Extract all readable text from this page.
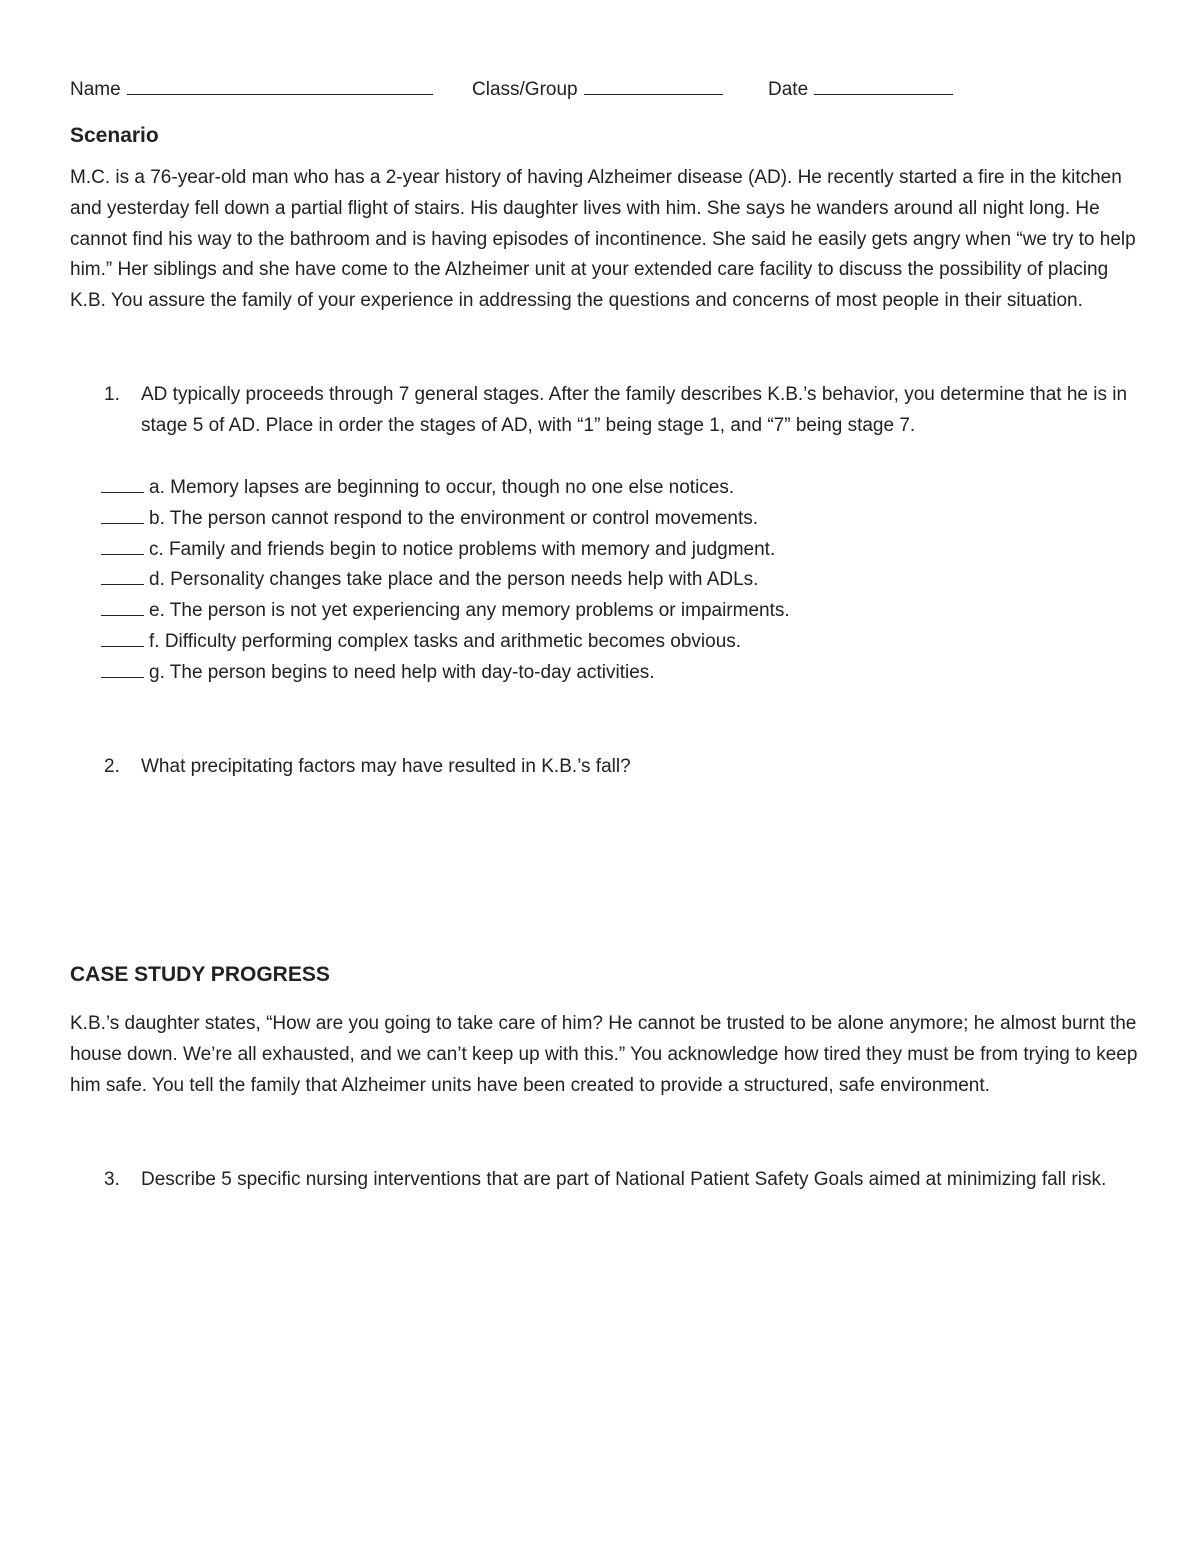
Name	Class/Group	Date
Scenario
M.C. is a 76-year-old man who has a 2-year history of having Alzheimer disease (AD). He recently started a fire in the kitchen and yesterday fell down a partial flight of stairs. His daughter lives with him. She says he wanders around all night long. He cannot find his way to the bathroom and is having episodes of incontinence. She said he easily gets angry when “we try to help him.” Her siblings and she have come to the Alzheimer unit at your extended care facility to discuss the possibility of placing K.B. You assure the family of your experience in addressing the questions and concerns of most people in their situation.
1. AD typically proceeds through 7 general stages. After the family describes K.B.’s behavior, you determine that he is in stage 5 of AD. Place in order the stages of AD, with “1” being stage 1, and “7” being stage 7.
a. Memory lapses are beginning to occur, though no one else notices.
b. The person cannot respond to the environment or control movements.
c. Family and friends begin to notice problems with memory and judgment.
d. Personality changes take place and the person needs help with ADLs.
e. The person is not yet experiencing any memory problems or impairments.
f. Difficulty performing complex tasks and arithmetic becomes obvious.
g. The person begins to need help with day-to-day activities.
2. What precipitating factors may have resulted in K.B.’s fall?
CASE STUDY PROGRESS
K.B.’s daughter states, “How are you going to take care of him? He cannot be trusted to be alone anymore; he almost burnt the house down. We’re all exhausted, and we can’t keep up with this.” You acknowledge how tired they must be from trying to keep him safe. You tell the family that Alzheimer units have been created to provide a structured, safe environment.
3. Describe 5 specific nursing interventions that are part of National Patient Safety Goals aimed at minimizing fall risk.
